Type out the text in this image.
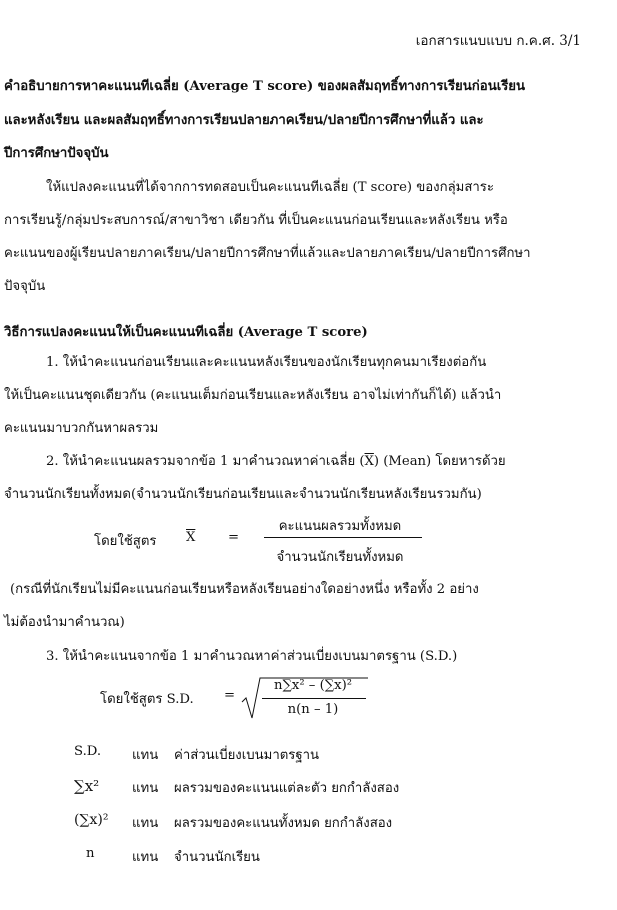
เอกสารแนบแบบ ก.ค.ศ. 3/1
คำอธิบายการหาคะแนนทีเฉลี่ย (Average T score) ของผลสัมฤทธิ์ทางการเรียนก่อนเรียน
และหลังเรียน และผลสัมฤทธิ์ทางการเรียนปลายภาคเรียน/ปลายปีการศึกษาที่แล้ว และ
ปีการศึกษาปัจจุบัน
ให้แปลงคะแนนที่ได้จากการทดสอบเป็นคะแนนทีเฉลี่ย (T score) ของกลุ่มสาระ
การเรียนรู้/กลุ่มประสบการณ์/สาขาวิชา เดียวกัน ที่เป็นคะแนนก่อนเรียนและหลังเรียน หรือ
คะแนนของผู้เรียนปลายภาคเรียน/ปลายปีการศึกษาที่แล้วและปลายภาคเรียน/ปลายปีการศึกษา
ปัจจุบัน
วิธีการแปลงคะแนนให้เป็นคะแนนทีเฉลี่ย (Average T score)
1. ให้นำคะแนนก่อนเรียนและคะแนนหลังเรียนของนักเรียนทุกคนมาเรียงต่อกัน
ให้เป็นคะแนนชุดเดียวกัน (คะแนนเต็มก่อนเรียนและหลังเรียน อาจไม่เท่ากันก็ได้) แล้วนำ
คะแนนมาบวกกันหาผลรวม
2. ให้นำคะแนนผลรวมจากข้อ 1 มาคำนวณหาค่าเฉลี่ย $(\overline{X})$ (Mean) โดยหารด้วย
จำนวนนักเรียนทั้งหมด(จำนวนนักเรียนก่อนเรียนและจำนวนนักเรียนหลังเรียนรวมกัน)
โดยใช้สูตร $\overline{X}$ =
คะแนนผลรวมทั้งหมด
จำนวนนักเรียนทั้งหมด
(กรณีที่นักเรียนไม่มีคะแนนก่อนเรียนหรือหลังเรียนอย่างใดอย่างหนึ่ง หรือทั้ง 2 อย่าง
ไม่ต้องนำมาคำนวณ)
3. ให้นำคะแนนจากข้อ 1 มาคำนวณหาค่าส่วนเบี่ยงเบนมาตรฐาน (S.D.)
โดยใช้สูตร S.D. =
n∑x² – (∑x)²
n(n – 1)
S.D. แทน ค่าส่วนเบี่ยงเบนมาตรฐาน
∑x² แทน ผลรวมของคะแนนแต่ละตัว ยกกำลังสอง
(∑x)² แทน ผลรวมของคะแนนทั้งหมด ยกกำลังสอง
n	แทน จำนวนนักเรียน
